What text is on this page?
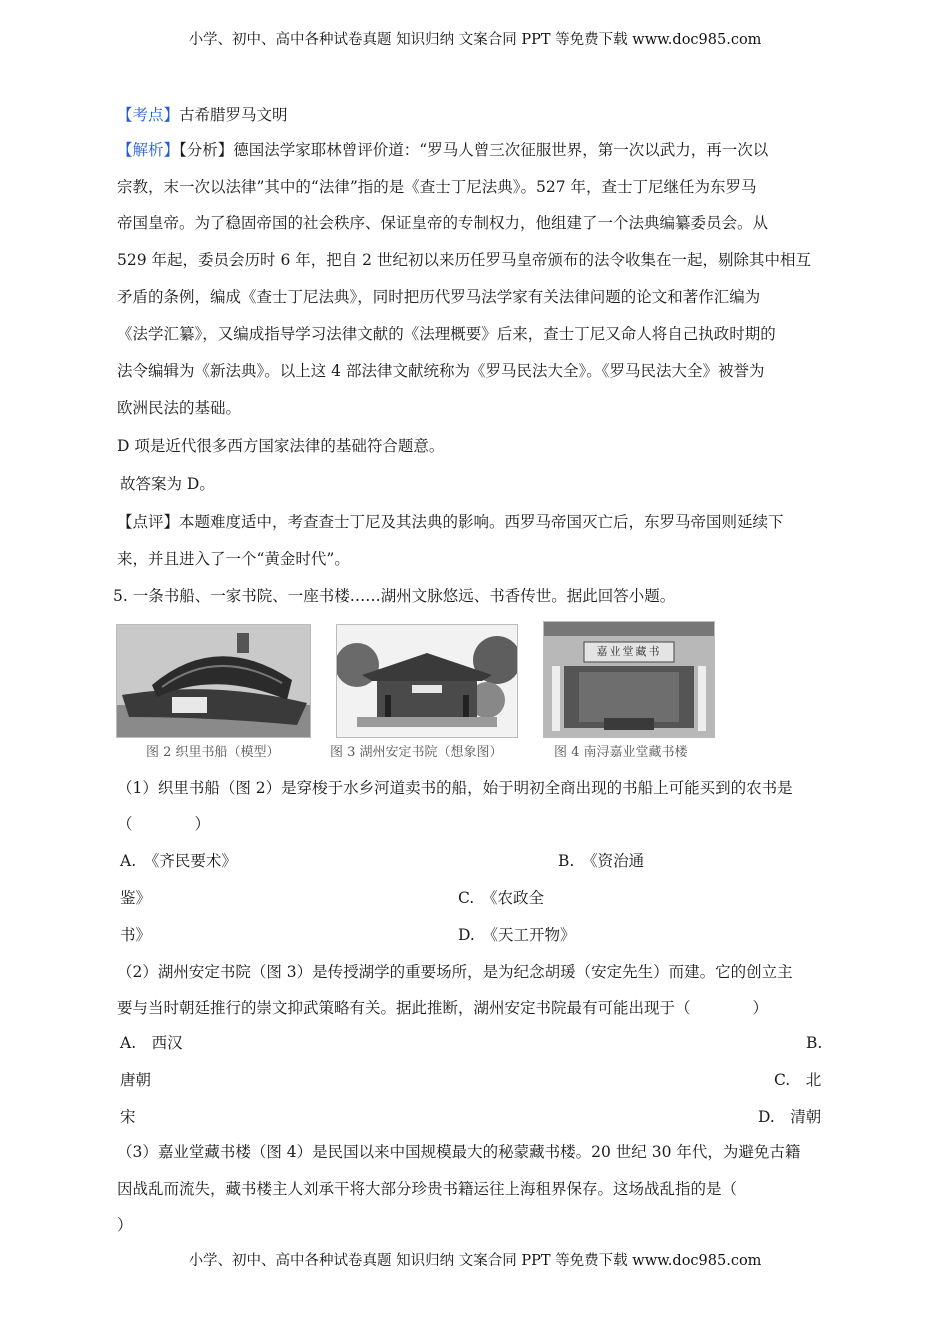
小学、初中、高中各种试卷真题 知识归纳 文案合同 PPT 等免费下载 www.doc985.com
【考点】古希腊罗马文明
【解析】【分析】德国法学家耶林曾评价道：“罗马人曾三次征服世界，第一次以武力，再一次以
宗教，末一次以法律”其中的“法律”指的是《查士丁尼法典》。527 年，查士丁尼继任为东罗马
帝国皇帝。为了稳固帝国的社会秩序、保证皇帝的专制权力，他组建了一个法典编纂委员会。从
529 年起，委员会历时 6 年，把自 2 世纪初以来历任罗马皇帝颁布的法令收集在一起，剔除其中相互
矛盾的条例，编成《查士丁尼法典》，同时把历代罗马法学家有关法律问题的论文和著作汇编为
《法学汇纂》，又编成指导学习法律文献的《法理概要》后来，查士丁尼又命人将自己执政时期的
法令编辑为《新法典》。以上这 4 部法律文献统称为《罗马民法大全》。《罗马民法大全》被誉为
欧洲民法的基础。
D 项是近代很多西方国家法律的基础符合题意。
故答案为 D。
【点评】本题难度适中，考查查士丁尼及其法典的影响。西罗马帝国灭亡后，东罗马帝国则延续下
来，并且进入了一个“黄金时代”。
5. 一条书船、一家书院、一座书楼……湖州文脉悠远、书香传世。据此回答小题。
图 2 织里书船（模型）	图 3 湖州安定书院（想象图）
嘉业堂藏书
图 4 南浔嘉业堂藏书楼
（1）织里书船（图 2）是穿梭于水乡河道卖书的船，始于明初全商出现的书船上可能买到的农书是
（　　　　）
A.　《齐民要术》	B.　《资治通
鉴》	C.　《农政全
书》	D.　《天工开物》
（2）湖州安定书院（图 3）是传授湖学的重要场所，是为纪念胡瑗（安定先生）而建。它的创立主
要与当时朝廷推行的崇文抑武策略有关。据此推断，湖州安定书院最有可能出现于（　　　　）
A.　西汉	B.
唐朝	C.　北
宋	D.　清朝
（3）嘉业堂藏书楼（图 4）是民国以来中国规模最大的秘蒙藏书楼。20 世纪 30 年代，为避免古籍
因战乱而流失，藏书楼主人刘承干将大部分珍贵书籍运往上海租界保存。这场战乱指的是（
）
小学、初中、高中各种试卷真题 知识归纳 文案合同 PPT 等免费下载 www.doc985.com
